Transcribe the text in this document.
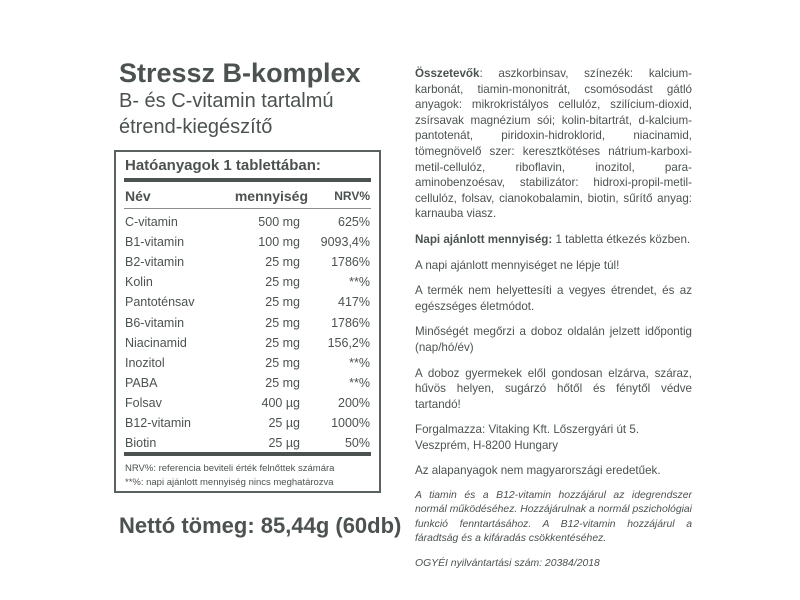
Stressz B-komplex
B- és C-vitamin tartalmú
étrend-kiegészítő
Hatóanyagok 1 tablettában:
Név	mennyiség NRV%
C-vitamin	500 mg	625%
B1-vitamin	100 mg 9093,4%
B2-vitamin	25 mg 1786%
Kolin	25 mg	**%
Pantoténsav	25 mg	417%
B6-vitamin	25 mg 1786%
Niacinamid	25 mg 156,2%
Inozitol	25 mg	**%
PABA	25 mg	**%
Folsav	400 µg	200%
B12-vitamin	25 µg 1000%
Biotin	25 µg	50%
NRV%: referencia beviteli érték felnőttek számára
**%: napi ajánlott mennyiség nincs meghatározva
Nettó tömeg: 85,44g (60db)

Összetevők: aszkorbinsav, színezék: kalcium-karbonát, tiamin-mononitrát, csomósodást gátló anyagok: mikrokristályos cellulóz, szilícium-dioxid, zsírsavak magnézium sói; kolin-bitartrát, d-kalcium-pantotenát, piridoxin-hidroklorid, niacinamid, tömegnövelő szer: keresztkötéses nátrium-karboxi-metil-cellulóz, riboflavin, inozitol, para-aminobenzoésav, stabilizátor: hidroxi-propil-metil-cellulóz, folsav, cianokobalamin, biotin, sűrítő anyag: karnauba viasz.

Napi ajánlott mennyiség: 1 tabletta étkezés közben.

A napi ajánlott mennyiséget ne lépje túl!

A termék nem helyettesíti a vegyes étrendet, és az egészséges életmódot.

Minőségét megőrzi a doboz oldalán jelzett időpontig (nap/hó/év)

A doboz gyermekek elől gondosan elzárva, száraz, hűvös helyen, sugárzó hőtől és fénytől védve tartandó!

Forgalmazza: Vitaking Kft. Lőszergyári út 5. Veszprém, H-8200 Hungary

Az alapanyagok nem magyarországi eredetűek.

A tiamin és a B12-vitamin hozzájárul az idegrendszer normál működéséhez. Hozzájárulnak a normál pszichológiai funkció fenntartásához. A B12-vitamin hozzájárul a fáradtság és a kifáradás csökkentéséhez.

OGYÉI nyilvántartási szám: 20384/2018
